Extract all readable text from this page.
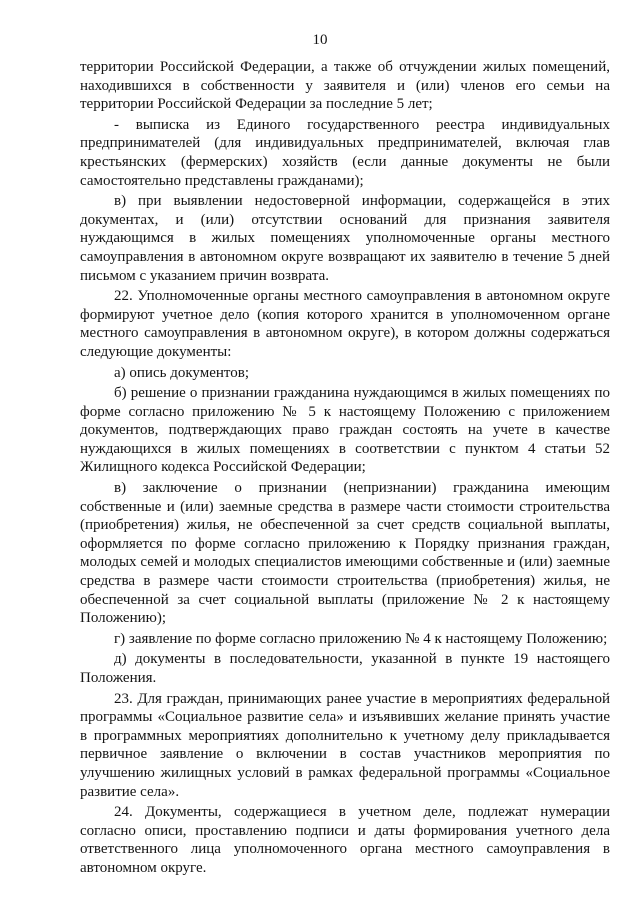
10

территории Российской Федерации, а также об отчуждении жилых помещений, находившихся в собственности у заявителя и (или) членов его семьи на территории Российской Федерации за последние 5 лет;

- выписка из Единого государственного реестра индивидуальных предпринимателей (для индивидуальных предпринимателей, включая глав крестьянских (фермерских) хозяйств (если данные документы не были самостоятельно представлены гражданами);

в) при выявлении недостоверной информации, содержащейся в этих документах, и (или) отсутствии оснований для признания заявителя нуждающимся в жилых помещениях уполномоченные органы местного самоуправления в автономном округе возвращают их заявителю в течение 5 дней письмом с указанием причин возврата.

22. Уполномоченные органы местного самоуправления в автономном округе формируют учетное дело (копия которого хранится в уполномоченном органе местного самоуправления в автономном округе), в котором должны содержаться следующие документы:

а) опись документов;

б) решение о признании гражданина нуждающимся в жилых помещениях по форме согласно приложению № 5 к настоящему Положению с приложением документов, подтверждающих право граждан состоять на учете в качестве нуждающихся в жилых помещениях в соответствии с пунктом 4 статьи 52 Жилищного кодекса Российской Федерации;

в) заключение о признании (непризнании) гражданина имеющим собственные и (или) заемные средства в размере части стоимости строительства (приобретения) жилья, не обеспеченной за счет средств социальной выплаты, оформляется по форме согласно приложению к Порядку признания граждан, молодых семей и молодых специалистов имеющими собственные и (или) заемные средства в размере части стоимости строительства (приобретения) жилья, не обеспеченной за счет социальной выплаты (приложение № 2 к настоящему Положению);

г) заявление по форме согласно приложению № 4 к настоящему Положению;

д) документы в последовательности, указанной в пункте 19 настоящего Положения.

23. Для граждан, принимающих ранее участие в мероприятиях федеральной программы «Социальное развитие села» и изъявивших желание принять участие в программных мероприятиях дополнительно к учетному делу прикладывается первичное заявление о включении в состав участников мероприятия по улучшению жилищных условий в рамках федеральной программы «Социальное развитие села».

24. Документы, содержащиеся в учетном деле, подлежат нумерации согласно описи, проставлению подписи и даты формирования учетного дела ответственного лица уполномоченного органа местного самоуправления в автономном округе.
